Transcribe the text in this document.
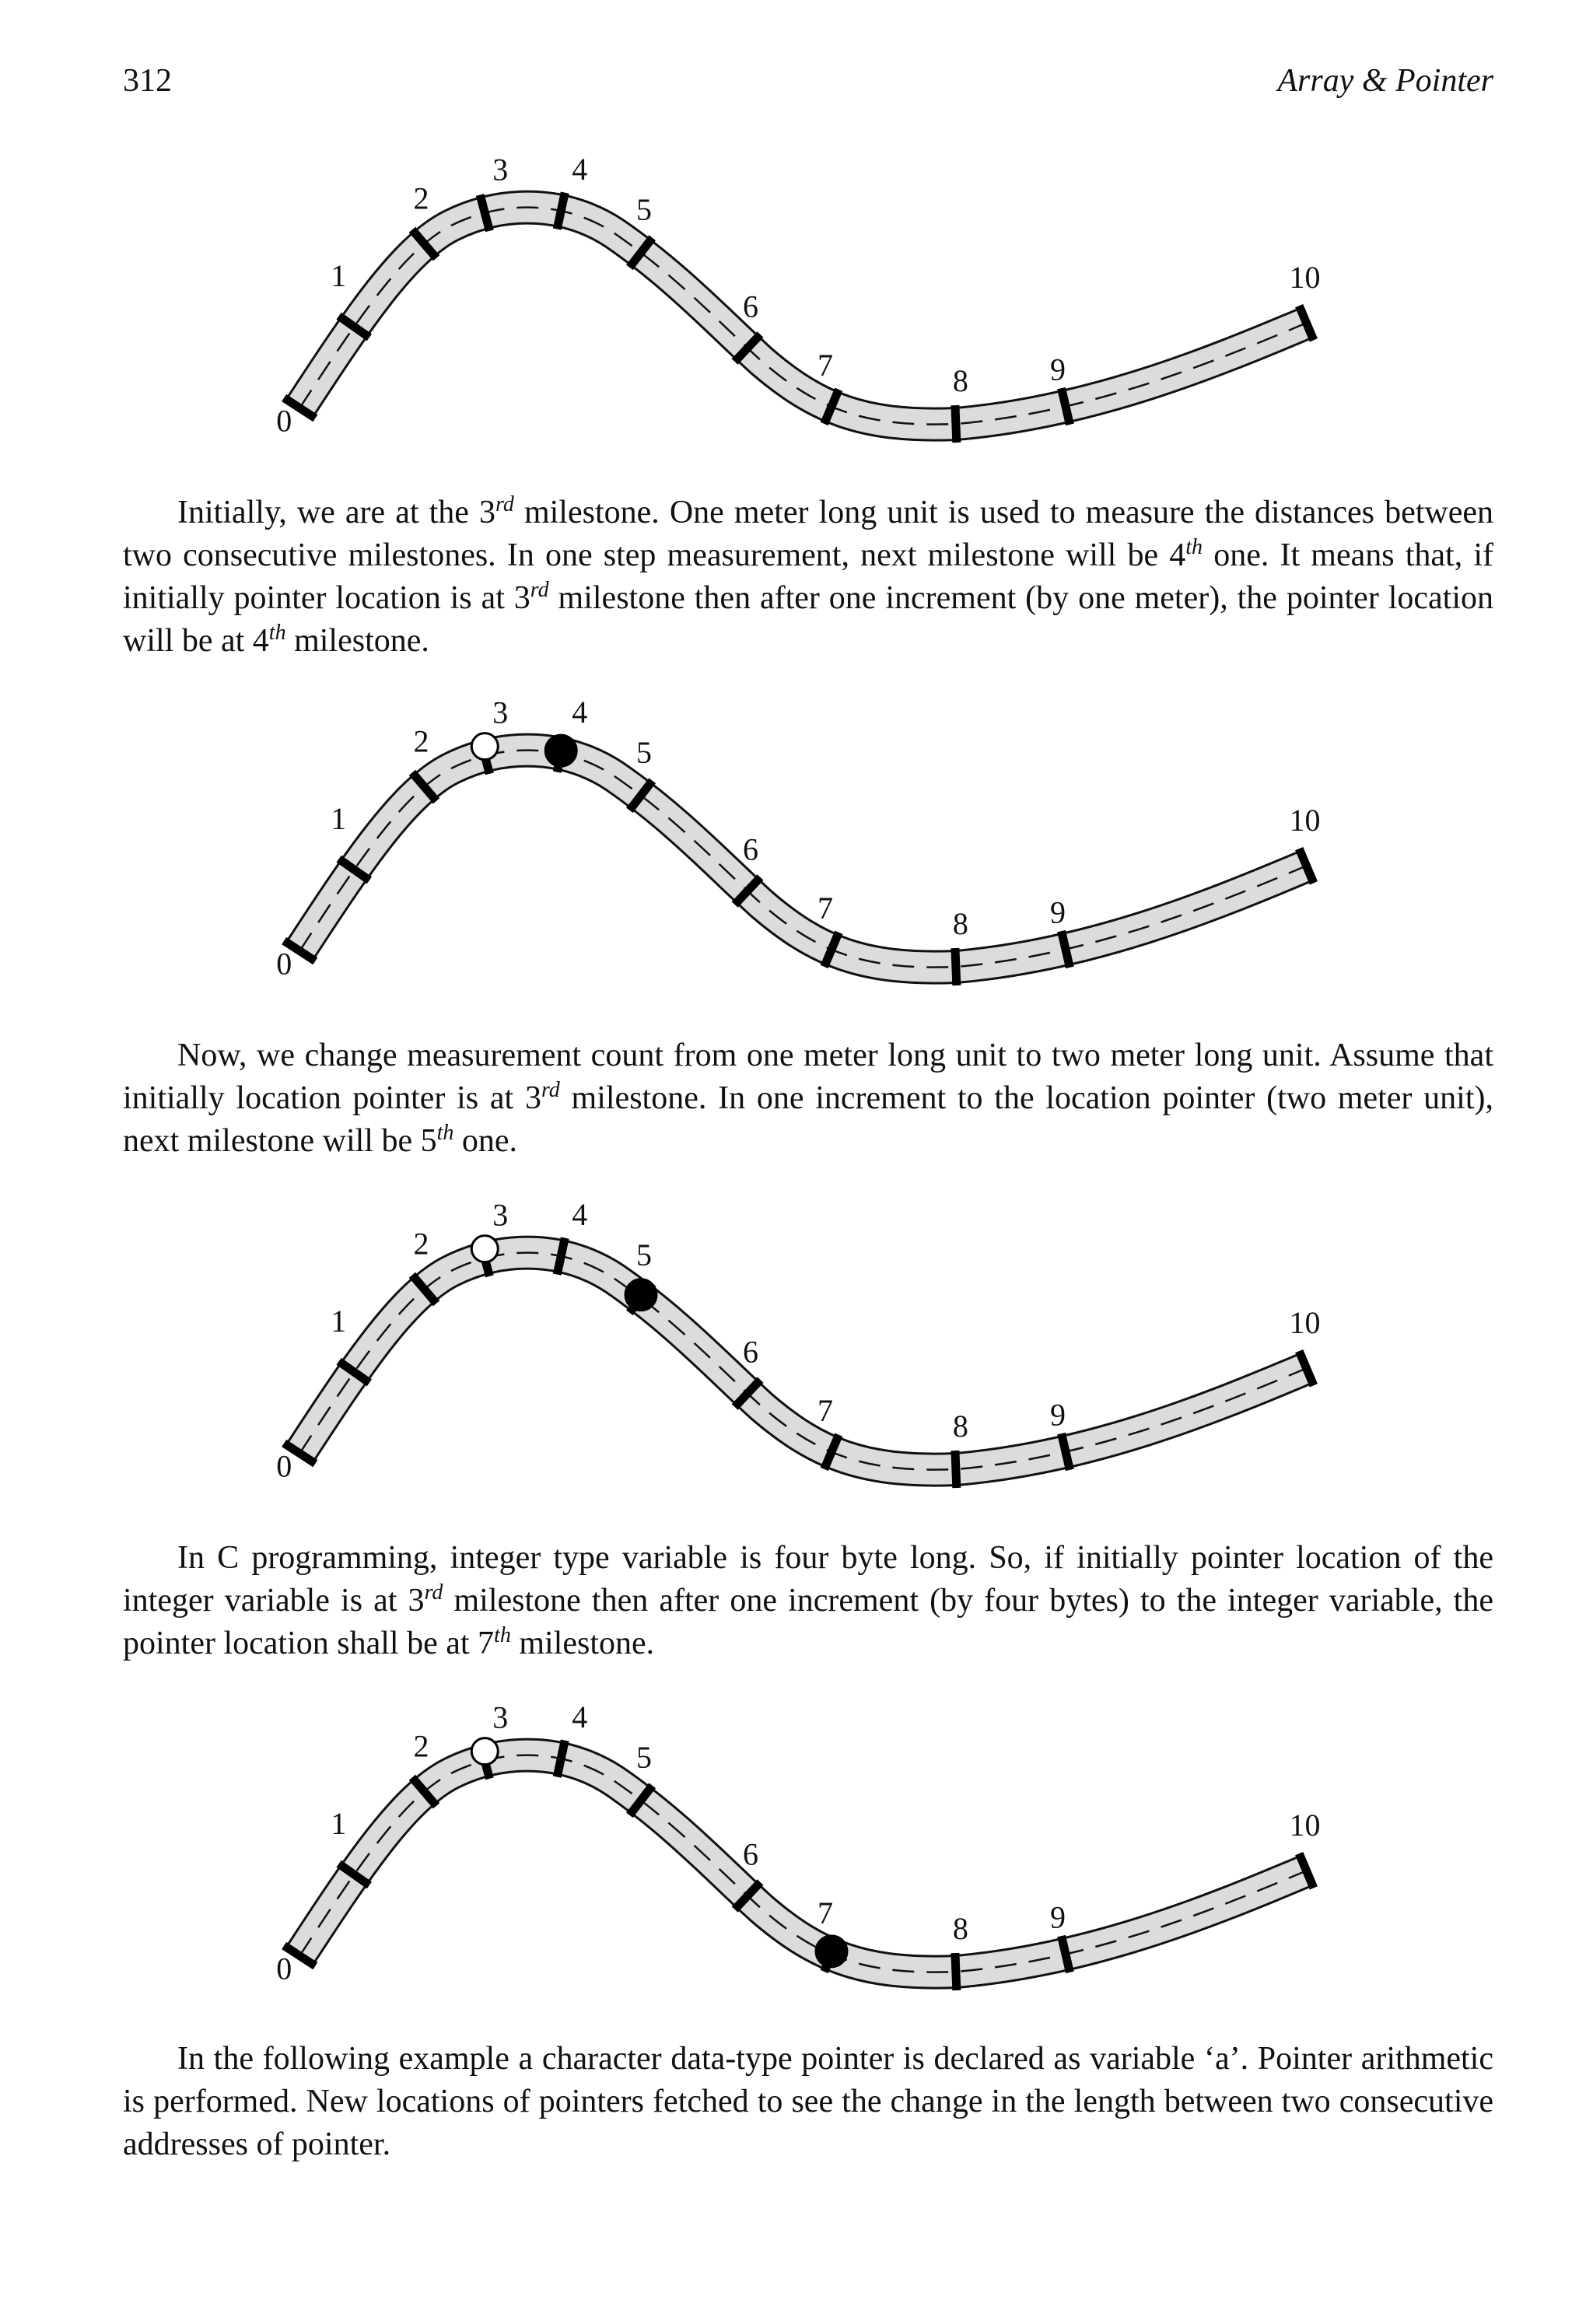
312	Array & Pointer
0
1
2
3 4
5
6
7	8	9
10

Initially, we are at the 3rd milestone. One meter long unit is used to measure the distances between two consecutive milestones. In one step measurement, next milestone will be 4th one. It means that, if initially pointer location is at 3rd milestone then after one increment (by one meter), the pointer location will be at 4th milestone.

0
1
2
3 4
5
6
7	8	9
10

Now, we change measurement count from one meter long unit to two meter long unit. Assume that initially location pointer is at 3rd milestone. In one increment to the location pointer (two meter unit), next milestone will be 5th one.

0
1
2
3 4
5
6
7	8	9
10

In C programming, integer type variable is four byte long. So, if initially pointer location of the integer variable is at 3rd milestone then after one increment (by four bytes) to the integer variable, the pointer location shall be at 7th milestone.

0
1
2
3 4
5
6
7	8	9
10

In the following example a character data-type pointer is declared as variable ‘a’. Pointer arithmetic is performed. New locations of pointers fetched to see the change in the length between two consecutive addresses of pointer.
